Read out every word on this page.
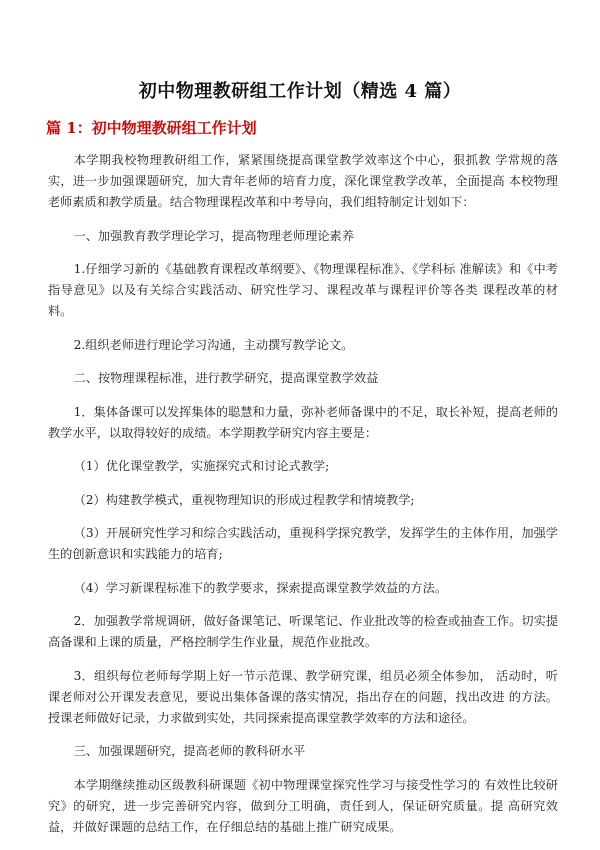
初中物理教研组工作计划（精选 4 篇）
篇 1：初中物理教研组工作计划

本学期我校物理教研组工作，紧紧围绕提高课堂教学效率这个中心，狠抓教 学常规的落实，进一步加强课题研究，加大青年老师的培育力度，深化课堂教学改革，全面提高 本校物理老师素质和教学质量。结合物理课程改革和中考导向，我们组特制定计划如下：

一、加强教育教学理论学习，提高物理老师理论素养

1.仔细学习新的《基础教育课程改革纲要》、《物理课程标准》、《学科标 准解读》和《中考指导意见》以及有关综合实践活动、研究性学习、课程改革与课程评价等各类 课程改革的材料。

2.组织老师进行理论学习沟通，主动撰写教学论文。

二、按物理课程标准，进行教学研究，提高课堂教学效益

1．集体备课可以发挥集体的聪慧和力量，弥补老师备课中的不足，取长补短，提高老师的教学水平，以取得较好的成绩。本学期教学研究内容主要是：

（1）优化课堂教学，实施探究式和讨论式教学;

（2）构建教学模式，重视物理知识的形成过程教学和情境教学;

（3）开展研究性学习和综合实践活动，重视科学探究教学，发挥学生的主体作用，加强学生的创新意识和实践能力的培育;

（4）学习新课程标准下的教学要求，探索提高课堂教学效益的方法。

2．加强教学常规调研，做好备课笔记、听课笔记、作业批改等的检查或抽查工作。切实提高备课和上课的质量，严格控制学生作业量，规范作业批改。

3．组织每位老师每学期上好一节示范课、教学研究课，组员必须全体参加， 活动时，听课老师对公开课发表意见，要说出集体备课的落实情况，指出存在的问题，找出改进 的方法。授课老师做好记录，力求做到实处，共同探索提高课堂教学效率的方法和途径。

三、加强课题研究，提高老师的教科研水平

本学期继续推动区级教科研课题《初中物理课堂探究性学习与接受性学习的 有效性比较研究》的研究，进一步完善研究内容，做到分工明确，责任到人，保证研究质量。提 高研究效益，并做好课题的总结工作，在仔细总结的基础上推广研究成果。
